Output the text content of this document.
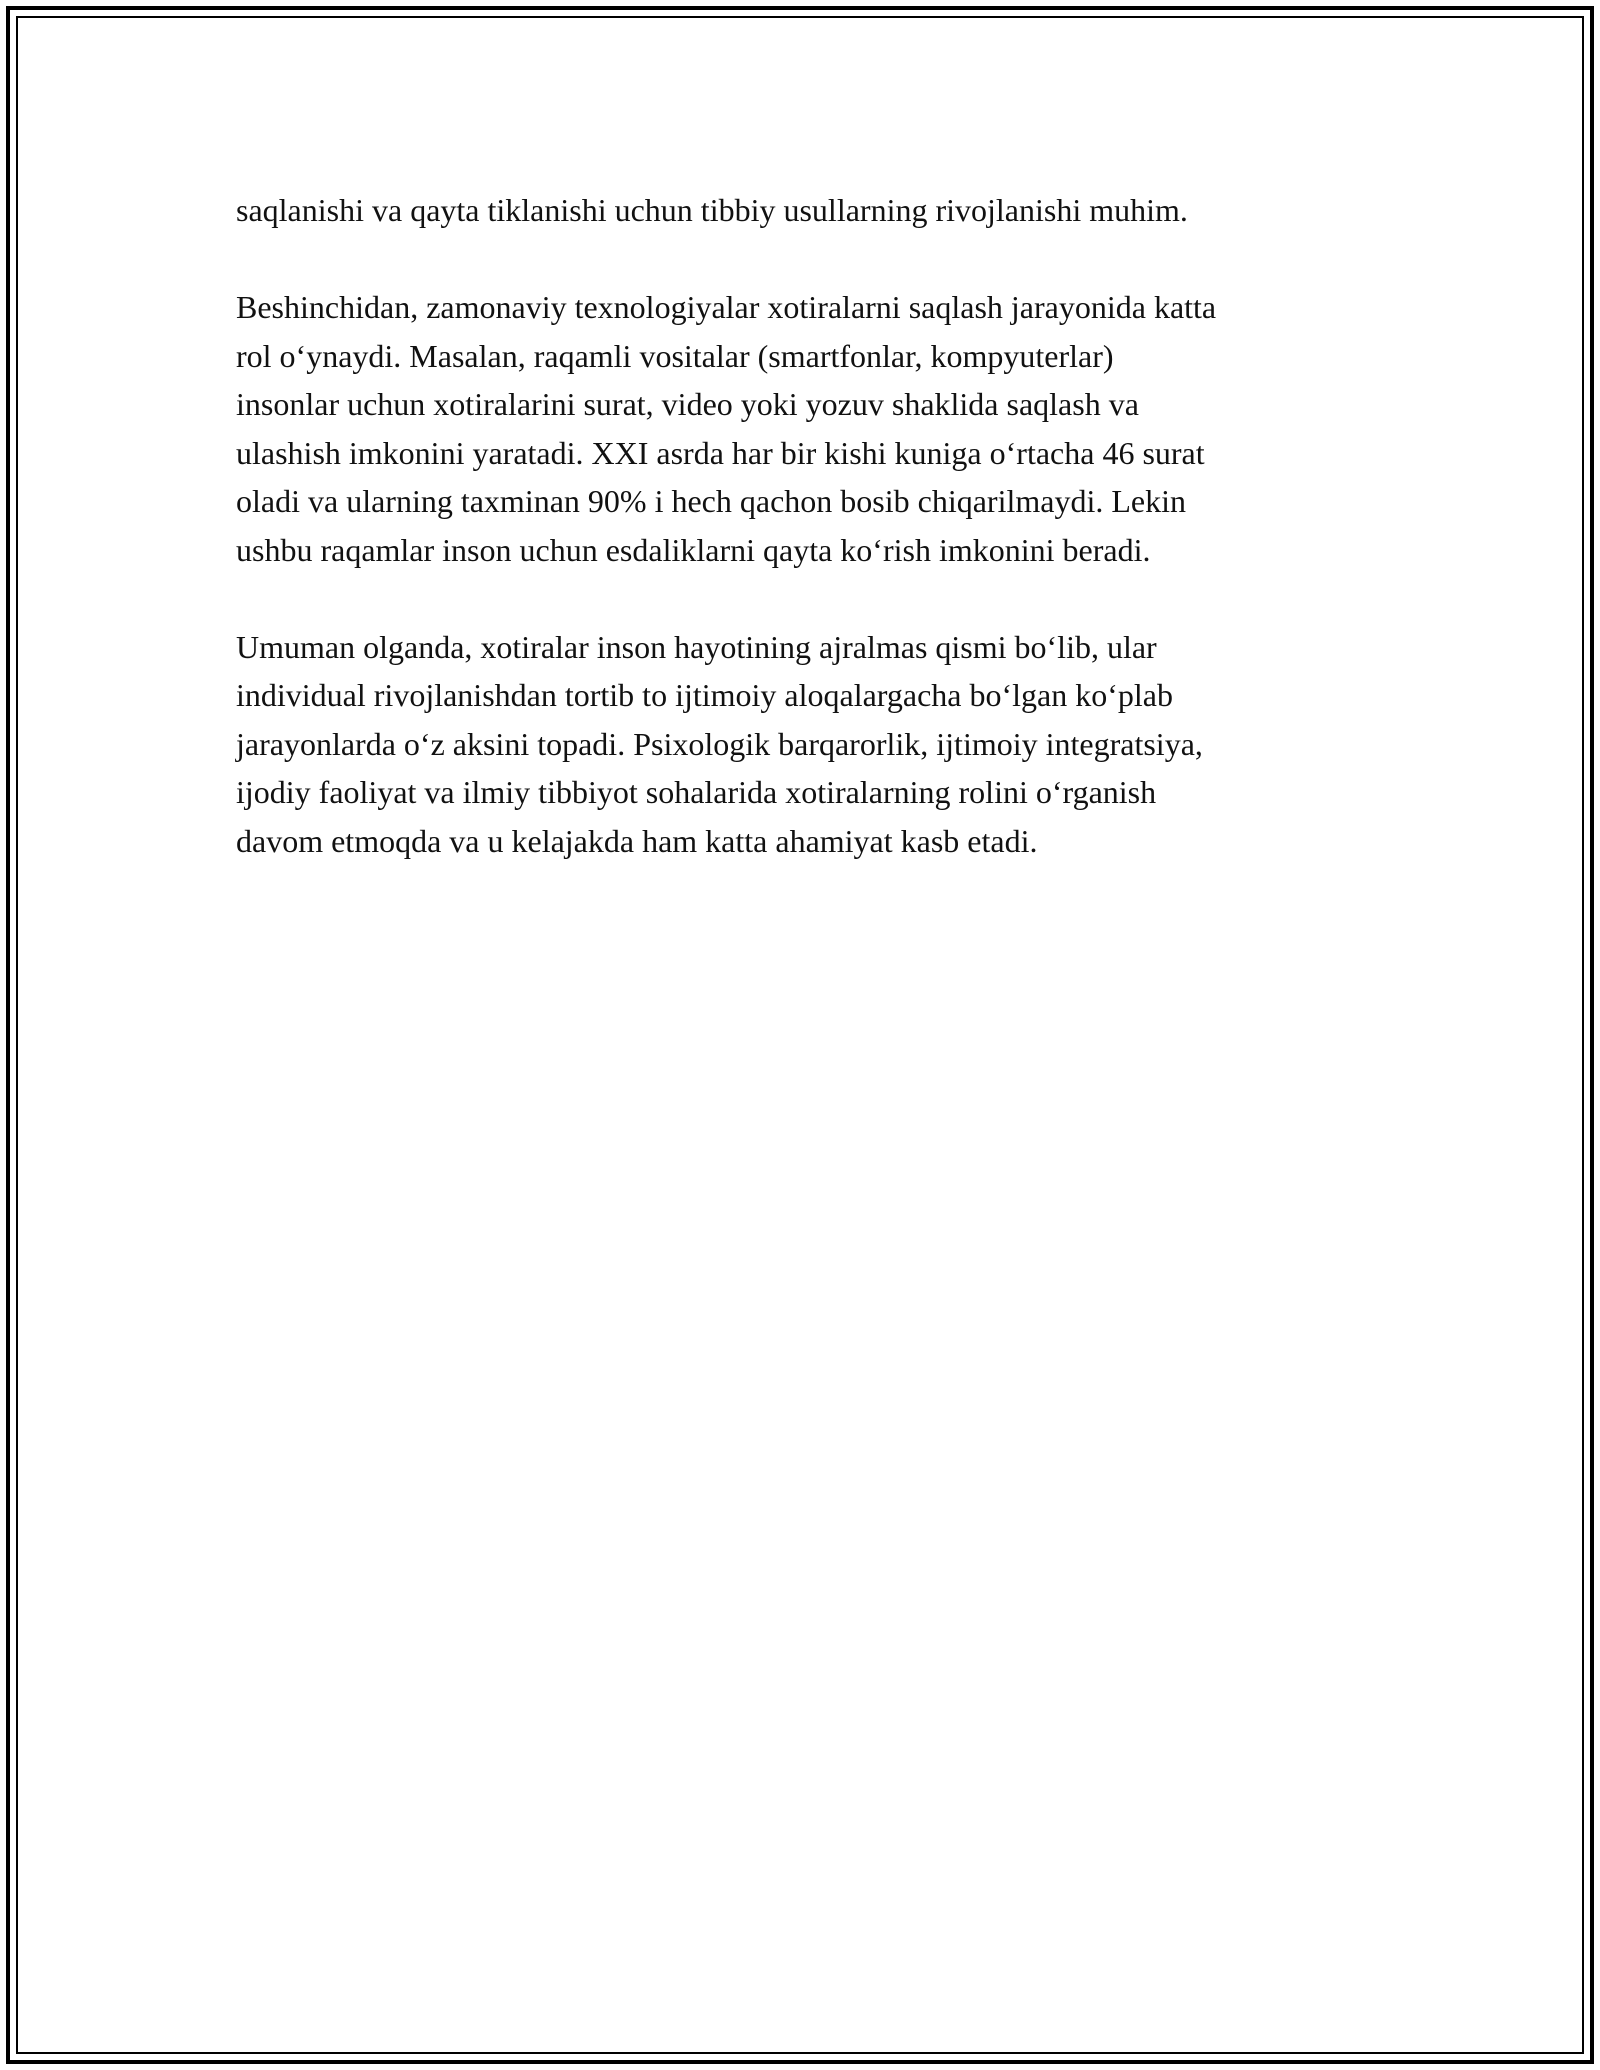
saqlanishi va qayta tiklanishi uchun tibbiy usullarning rivojlanishi muhim.

Beshinchidan, zamonaviy texnologiyalar xotiralarni saqlash jarayonida katta
rol o‘ynaydi. Masalan, raqamli vositalar (smartfonlar, kompyuterlar)
insonlar uchun xotiralarini surat, video yoki yozuv shaklida saqlash va
ulashish imkonini yaratadi. XXI asrda har bir kishi kuniga o‘rtacha 46 surat
oladi va ularning taxminan 90% i hech qachon bosib chiqarilmaydi. Lekin
ushbu raqamlar inson uchun esdaliklarni qayta ko‘rish imkonini beradi.

Umuman olganda, xotiralar inson hayotining ajralmas qismi bo‘lib, ular
individual rivojlanishdan tortib to ijtimoiy aloqalargacha bo‘lgan ko‘plab
jarayonlarda o‘z aksini topadi. Psixologik barqarorlik, ijtimoiy integratsiya,
ijodiy faoliyat va ilmiy tibbiyot sohalarida xotiralarning rolini o‘rganish
davom etmoqda va u kelajakda ham katta ahamiyat kasb etadi.
